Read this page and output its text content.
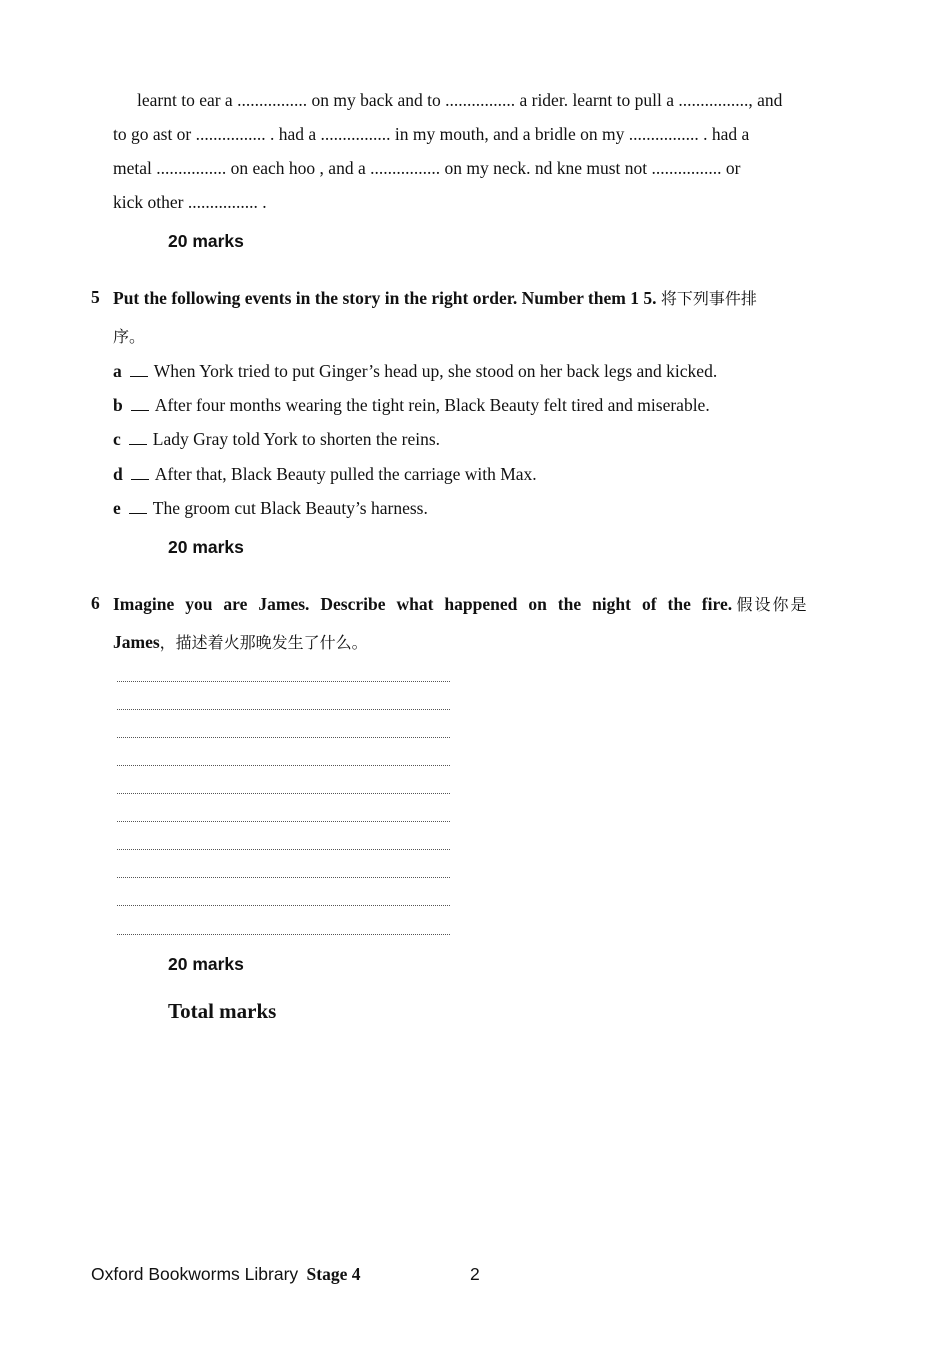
learnt to ear a ................ on my back and to ................ a rider. learnt to pull a ................, and
to go ast or ................ . had a ................ in my mouth, and a bridle on my ................ . had a
metal ................ on each hoo , and a ................ on my neck. nd kne must not ................ or
kick other ................ .
20 marks
5 Put the following events in the story in the right order. Number them 1 5. 将下列事件排
序。
a When York tried to put Ginger’s head up, she stood on her back legs and kicked.
b After four months wearing the tight rein, Black Beauty felt tired and miserable.
c Lady Gray told York to shorten the reins.
d After that, Black Beauty pulled the carriage with Max.
e The groom cut Black Beauty’s harness.
20 marks
6 Imagine you are James. Describe what happened on the night of the fire. 假设你是
James，描述着火那晚发生了什么。
20 marks
Total marks
Oxford Bookworms Library Stage 4	2
